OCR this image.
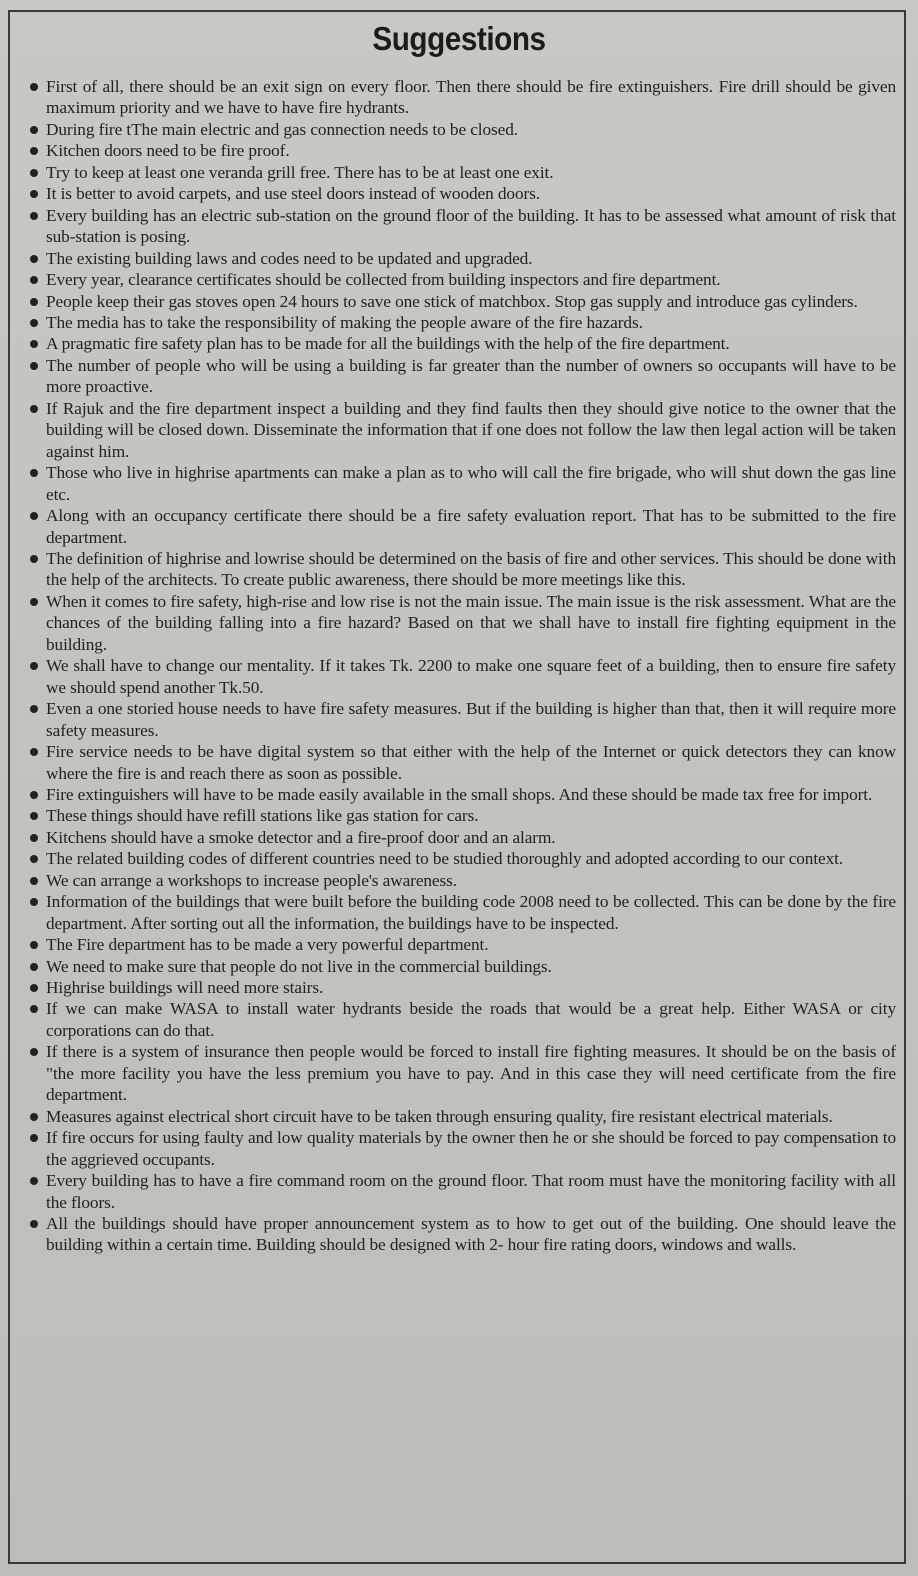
Suggestions
First of all, there should be an exit sign on every floor. Then there should be fire extinguishers. Fire drill should be given maximum priority and we have to have fire hydrants.
During fire tThe main electric and gas connection needs to be closed.
Kitchen doors need to be fire proof.
Try to keep at least one veranda grill free. There has to be at least one exit.
It is better to avoid carpets, and use steel doors instead of wooden doors.
Every building has an electric sub-station on the ground floor of the building. It has to be assessed what amount of risk that sub-station is posing.
The existing building laws and codes need to be updated and upgraded.
Every year, clearance certificates should be collected from building inspectors and fire department.
People keep their gas stoves open 24 hours to save one stick of matchbox. Stop gas supply and introduce gas cylinders.
The media has to take the responsibility of making the people aware of the fire hazards.
A pragmatic fire safety plan has to be made for all the buildings with the help of the fire department.
The number of people who will be using a building is far greater than the number of owners so occupants will have to be more proactive.
If Rajuk and the fire department inspect a building and they find faults then they should give notice to the owner that the building will be closed down. Disseminate the information that if one does not follow the law then legal action will be taken against him.
Those who live in highrise apartments can make a plan as to who will call the fire brigade, who will shut down the gas line etc.
Along with an occupancy certificate there should be a fire safety evaluation report. That has to be submitted to the fire department.
The definition of highrise and lowrise should be determined on the basis of fire and other services. This should be done with the help of the architects. To create public awareness, there should be more meetings like this.
When it comes to fire safety, high-rise and low rise is not the main issue. The main issue is the risk assessment. What are the chances of the building falling into a fire hazard? Based on that we shall have to install fire fighting equipment in the building.
We shall have to change our mentality. If it takes Tk. 2200 to make one square feet of a building, then to ensure fire safety we should spend another Tk.50.
Even a one storied house needs to have fire safety measures. But if the building is higher than that, then it will require more safety measures.
Fire service needs to be have digital system so that either with the help of the Internet or quick detectors they can know where the fire is and reach there as soon as possible.
Fire extinguishers will have to be made easily available in the small shops. And these should be made tax free for import.
These things should have refill stations like gas station for cars.
Kitchens should have a smoke detector and a fire-proof door and an alarm.
The related building codes of different countries need to be studied thoroughly and adopted according to our context.
We can arrange a workshops to increase people's awareness.
Information of the buildings that were built before the building code 2008 need to be collected. This can be done by the fire department. After sorting out all the information, the buildings have to be inspected.
The Fire department has to be made a very powerful department.
We need to make sure that people do not live in the commercial buildings.
Highrise buildings will need more stairs.
If we can make WASA to install water hydrants beside the roads that would be a great help. Either WASA or city corporations can do that.
If there is a system of insurance then people would be forced to install fire fighting measures. It should be on the basis of "the more facility you have the less premium you have to pay. And in this case they will need certificate from the fire department.
Measures against electrical short circuit have to be taken through ensuring quality, fire resistant electrical materials.
If fire occurs for using faulty and low quality materials by the owner then he or she should be forced to pay compensation to the aggrieved occupants.
Every building has to have a fire command room on the ground floor. That room must have the monitoring facility with all the floors.
All the buildings should have proper announcement system as to how to get out of the building. One should leave the building within a certain time. Building should be designed with 2- hour fire rating doors, windows and walls.
